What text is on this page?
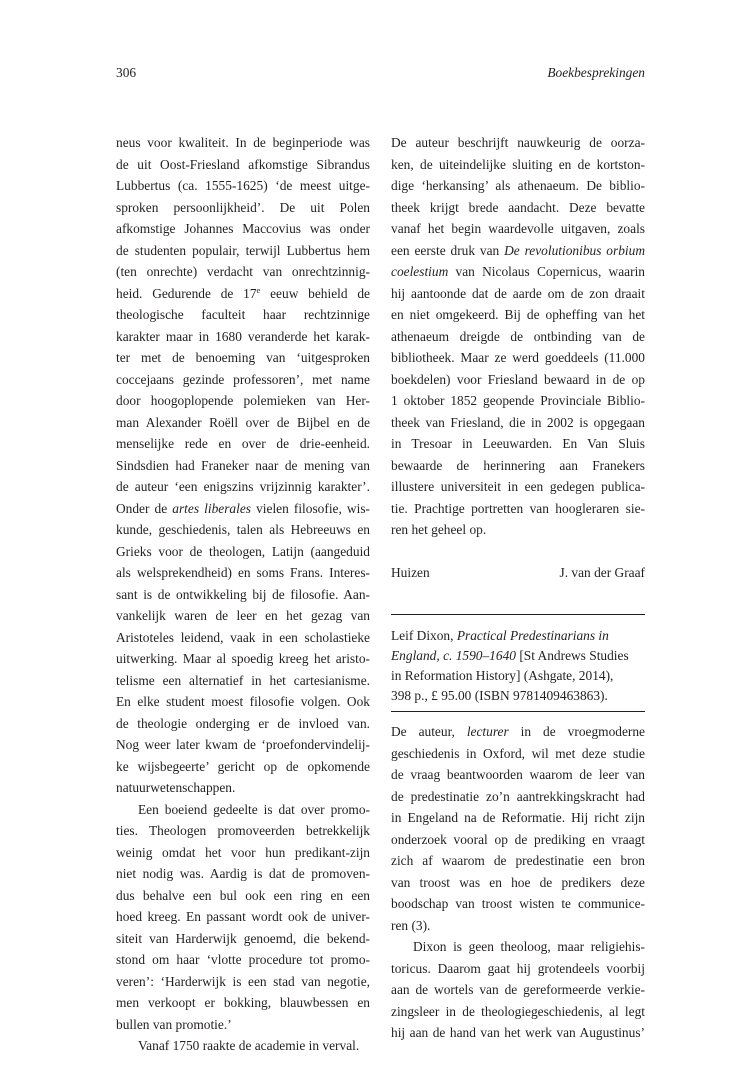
306	Boekbesprekingen
neus voor kwaliteit. In de beginperiode was
de uit Oost-Friesland afkomstige Sibrandus
Lubbertus (ca. 1555-1625) ‘de meest uitge-
sproken persoonlijkheid’. De uit Polen
afkomstige Johannes Maccovius was onder
de studenten populair, terwijl Lubbertus hem
(ten onrechte) verdacht van onrechtzinnig-
heid. Gedurende de 17e eeuw behield de
theologische faculteit haar rechtzinnige
karakter maar in 1680 veranderde het karak-
ter met de benoeming van ‘uitgesproken
coccejaans gezinde professoren’, met name
door hoogoplopende polemieken van Her-
man Alexander Roëll over de Bijbel en de
menselijke rede en over de drie-eenheid.
Sindsdien had Franeker naar de mening van
de auteur ‘een enigszins vrijzinnig karakter’.
Onder de artes liberales vielen filosofie, wis-
kunde, geschiedenis, talen als Hebreeuws en
Grieks voor de theologen, Latijn (aangeduid
als welsprekendheid) en soms Frans. Interes-
sant is de ontwikkeling bij de filosofie. Aan-
vankelijk waren de leer en het gezag van
Aristoteles leidend, vaak in een scholastieke
uitwerking. Maar al spoedig kreeg het aristo-
telisme een alternatief in het cartesianisme.
En elke student moest filosofie volgen. Ook
de theologie onderging er de invloed van.
Nog weer later kwam de ‘proefondervindelij-
ke wijsbegeerte’ gericht op de opkomende
natuurwetenschappen.
Een boeiend gedeelte is dat over promo-
ties. Theologen promoveerden betrekkelijk
weinig omdat het voor hun predikant-zijn
niet nodig was. Aardig is dat de promoven-
dus behalve een bul ook een ring en een
hoed kreeg. En passant wordt ook de univer-
siteit van Harderwijk genoemd, die bekend-
stond om haar ‘vlotte procedure tot promo-
veren’: ‘Harderwijk is een stad van negotie,
men verkoopt er bokking, blauwbessen en
bullen van promotie.’
Vanaf 1750 raakte de academie in verval.
De auteur beschrijft nauwkeurig de oorza-
ken, de uiteindelijke sluiting en de kortston-
dige ‘herkansing’ als athenaeum. De biblio-
theek krijgt brede aandacht. Deze bevatte
vanaf het begin waardevolle uitgaven, zoals
een eerste druk van De revolutionibus orbium
coelestium van Nicolaus Copernicus, waarin
hij aantoonde dat de aarde om de zon draait
en niet omgekeerd. Bij de opheffing van het
athenaeum dreigde de ontbinding van de
bibliotheek. Maar ze werd goeddeels (11.000
boekdelen) voor Friesland bewaard in de op
1 oktober 1852 geopende Provinciale Biblio-
theek van Friesland, die in 2002 is opgegaan
in Tresoar in Leeuwarden. En Van Sluis
bewaarde de herinnering aan Franekers
illustere universiteit in een gedegen publica-
tie. Prachtige portretten van hoogleraren sie-
ren het geheel op.
Huizen	J. van der Graaf
Leif Dixon, Practical Predestinarians in
England, c. 1590–1640 [St Andrews Studies
in Reformation History] (Ashgate, 2014),
398 p., £ 95.00 (ISBN 9781409463863).
De auteur, lecturer in de vroegmoderne
geschiedenis in Oxford, wil met deze studie
de vraag beantwoorden waarom de leer van
de predestinatie zo’n aantrekkingskracht had
in Engeland na de Reformatie. Hij richt zijn
onderzoek vooral op de prediking en vraagt
zich af waarom de predestinatie een bron
van troost was en hoe de predikers deze
boodschap van troost wisten te communice-
ren (3).
Dixon is geen theoloog, maar religiehis-
toricus. Daarom gaat hij grotendeels voorbij
aan de wortels van de gereformeerde verkie-
zingsleer in de theologiegeschiedenis, al legt
hij aan de hand van het werk van Augustinus’
